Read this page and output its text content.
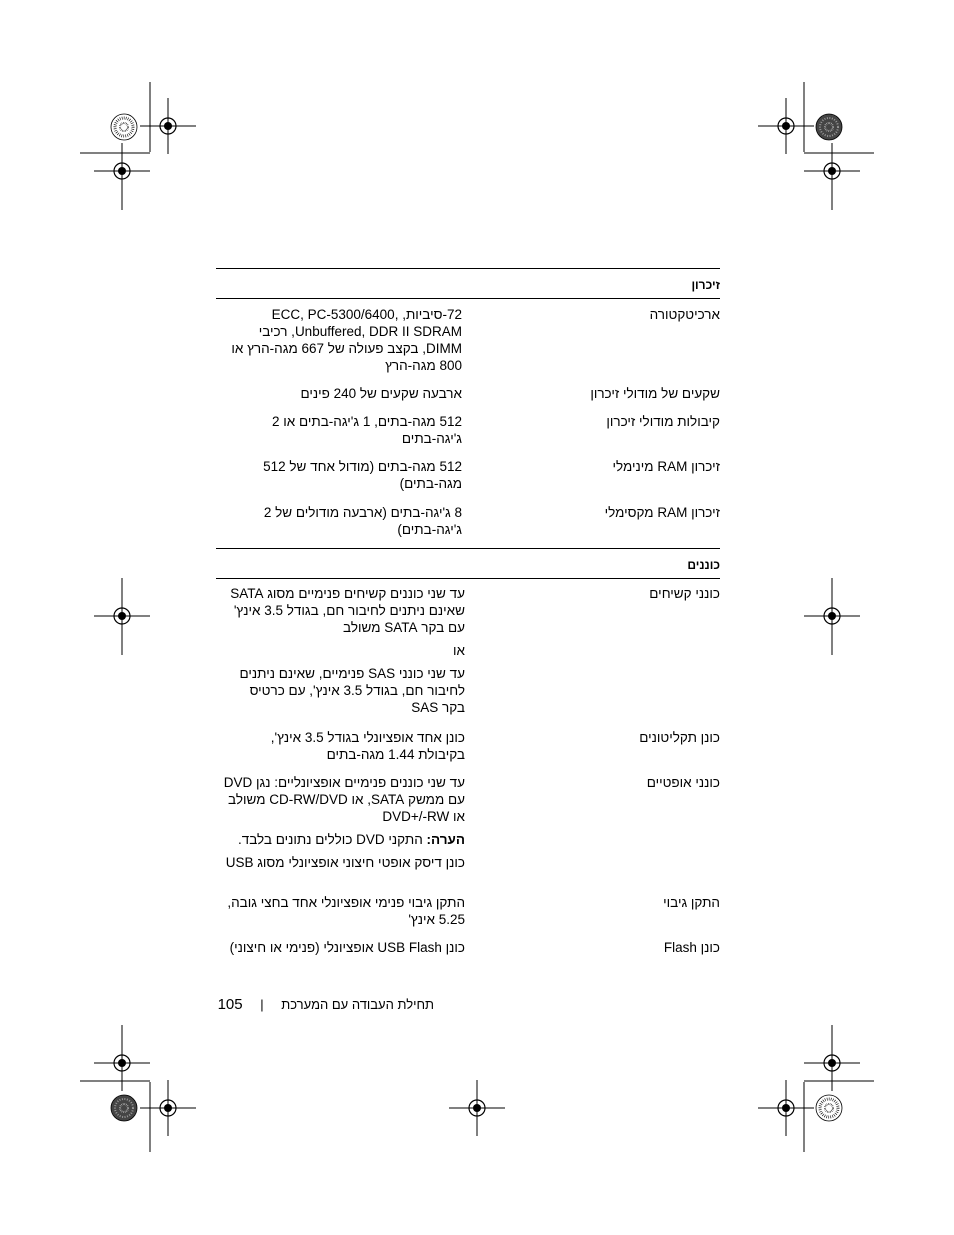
זיכרון
ארכיטקטורה
72-סיביות, ECC, PC-5300/6400, Unbuffered, DDR II SDRAM, רכיבי DIMM, בקצב פעולה של 667 מגה-הרץ או 800 מגה-הרץ
שקעים של מודולי זיכרון
ארבעה שקעים של 240 פינים
קיבולות מודולי זיכרון
512 מגה-בתים, 1 ג'יגה-בתים או 2 ג'יגה-בתים
זיכרון RAM מינימלי
512 מגה-בתים (מודול אחד של 512 מגה-בתים)
זיכרון RAM מקסימלי
8 ג'יגה-בתים (ארבעה מודולים של 2 ג'יגה-בתים)
כוננים
כונני קשיחים
עד שני כוננים קשיחים פנימיים מסוג SATA שאינם ניתנים לחיבור חם, בגודל 3.5 אינץ' עם בקר SATA משולב
או
עד שני כונני SAS פנימיים, שאינם ניתנים לחיבור חם, בגודל 3.5 אינץ', עם כרטיס בקר SAS
כונן תקליטונים
כונן אחד אופציונלי בגודל 3.5 אינץ', בקיבולת 1.44 מגה-בתים
כונני אופטיים
עד שני כוננים פנימיים אופציונליים: נגן DVD עם ממשק SATA, או CD-RW/DVD משולב או DVD+/-RW
הערה: התקני DVD כוללים נתונים בלבד.
כונן דיסק אופטי חיצוני אופציונלי מסוג USB
התקן גיבוי
התקן גיבוי פנימי אופציונלי אחד בחצי גובה, 5.25 אינץ'
כונן Flash
כונן USB Flash אופציונלי (פנימי או חיצוני)
תחילת העבודה עם המערכת | 105
